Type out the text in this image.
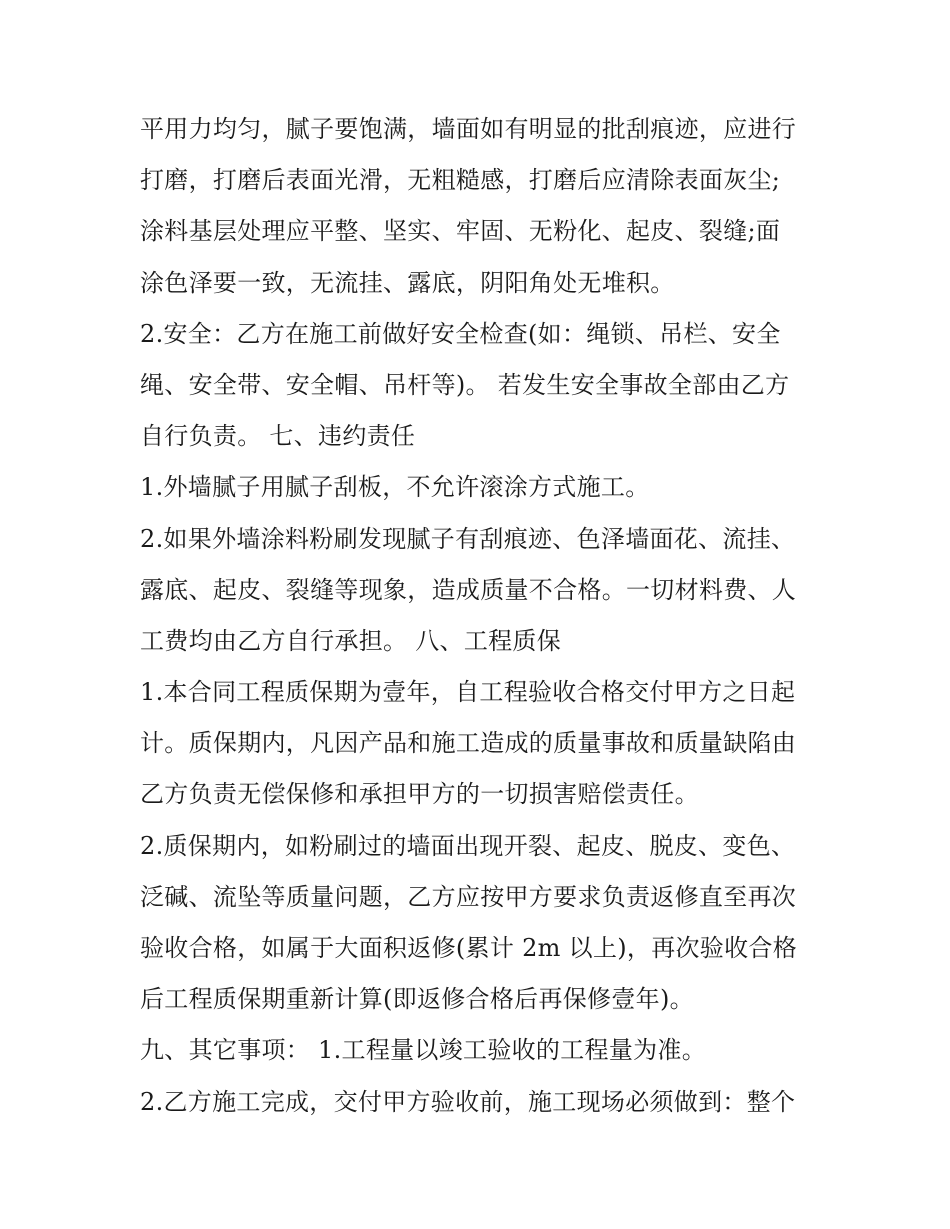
平用力均匀，腻子要饱满，墙面如有明显的批刮痕迹，应进行
打磨，打磨后表面光滑，无粗糙感，打磨后应清除表面灰尘;
涂料基层处理应平整、坚实、牢固、无粉化、起皮、裂缝;面
涂色泽要一致，无流挂、露底，阴阳角处无堆积。
2.安全：乙方在施工前做好安全检查(如：绳锁、吊栏、安全
绳、安全带、安全帽、吊杆等)。 若发生安全事故全部由乙方
自行负责。 七、违约责任
1.外墙腻子用腻子刮板，不允许滚涂方式施工。
2.如果外墙涂料粉刷发现腻子有刮痕迹、色泽墙面花、流挂、
露底、起皮、裂缝等现象，造成质量不合格。一切材料费、人
工费均由乙方自行承担。 八、工程质保
1.本合同工程质保期为壹年，自工程验收合格交付甲方之日起
计。质保期内，凡因产品和施工造成的质量事故和质量缺陷由
乙方负责无偿保修和承担甲方的一切损害赔偿责任。
2.质保期内，如粉刷过的墙面出现开裂、起皮、脱皮、变色、
泛碱、流坠等质量问题，乙方应按甲方要求负责返修直至再次
验收合格，如属于大面积返修(累计 2m 以上)，再次验收合格
后工程质保期重新计算(即返修合格后再保修壹年)。
九、其它事项： 1.工程量以竣工验收的工程量为准。
2.乙方施工完成，交付甲方验收前，施工现场必须做到：整个
